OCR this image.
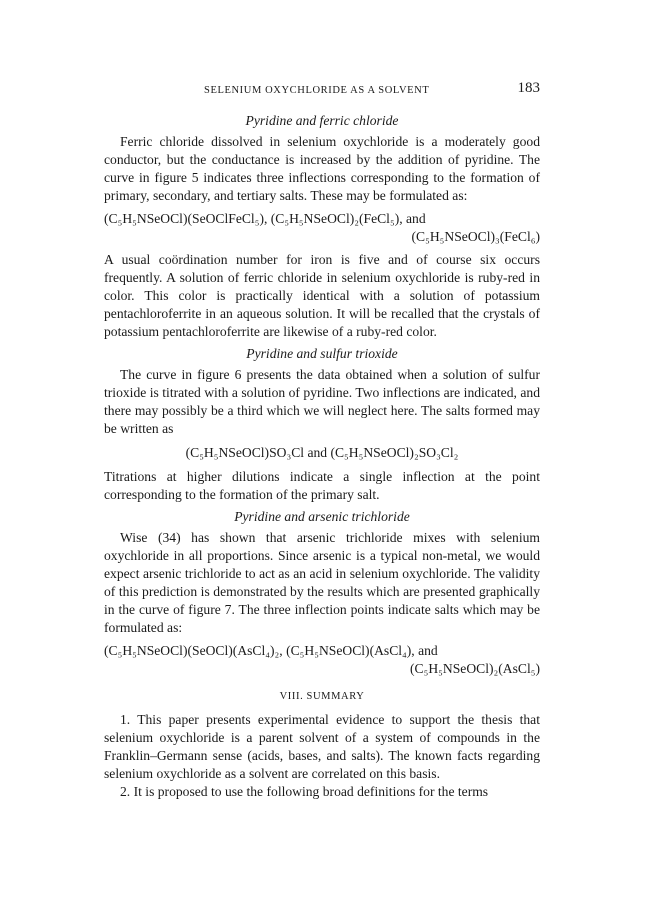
SELENIUM OXYCHLORIDE AS A SOLVENT	183
Pyridine and ferric chloride

Ferric chloride dissolved in selenium oxychloride is a moderately good conductor, but the conductance is increased by the addition of pyridine. The curve in figure 5 indicates three inflections corresponding to the formation of primary, secondary, and tertiary salts. These may be formulated as:

(C₅H₅NSeOCl)(SeOClFeCl₅), (C₅H₅NSeOCl)₂(FeCl₅), and
(C₅H₅NSeOCl)₃(FeCl₆)

A usual coördination number for iron is five and of course six occurs frequently. A solution of ferric chloride in selenium oxychloride is ruby-red in color. This color is practically identical with a solution of potassium pentachloroferrite in an aqueous solution. It will be recalled that the crystals of potassium pentachloroferrite are likewise of a ruby-red color.

Pyridine and sulfur trioxide

The curve in figure 6 presents the data obtained when a solution of sulfur trioxide is titrated with a solution of pyridine. Two inflections are indicated, and there may possibly be a third which we will neglect here. The salts formed may be written as

(C₅H₅NSeOCl)SO₃Cl and (C₅H₅NSeOCl)₂SO₃Cl₂

Titrations at higher dilutions indicate a single inflection at the point corresponding to the formation of the primary salt.

Pyridine and arsenic trichloride

Wise (34) has shown that arsenic trichloride mixes with selenium oxychloride in all proportions. Since arsenic is a typical non-metal, we would expect arsenic trichloride to act as an acid in selenium oxychloride. The validity of this prediction is demonstrated by the results which are presented graphically in the curve of figure 7. The three inflection points indicate salts which may be formulated as:

(C₅H₅NSeOCl)(SeOCl)(AsCl₄)₂, (C₅H₅NSeOCl)(AsCl₄), and
(C₅H₅NSeOCl)₂(AsCl₅)
VIII. SUMMARY

1. This paper presents experimental evidence to support the thesis that selenium oxychloride is a parent solvent of a system of compounds in the Franklin–Germann sense (acids, bases, and salts). The known facts regarding selenium oxychloride as a solvent are correlated on this basis.

2. It is proposed to use the following broad definitions for the terms
